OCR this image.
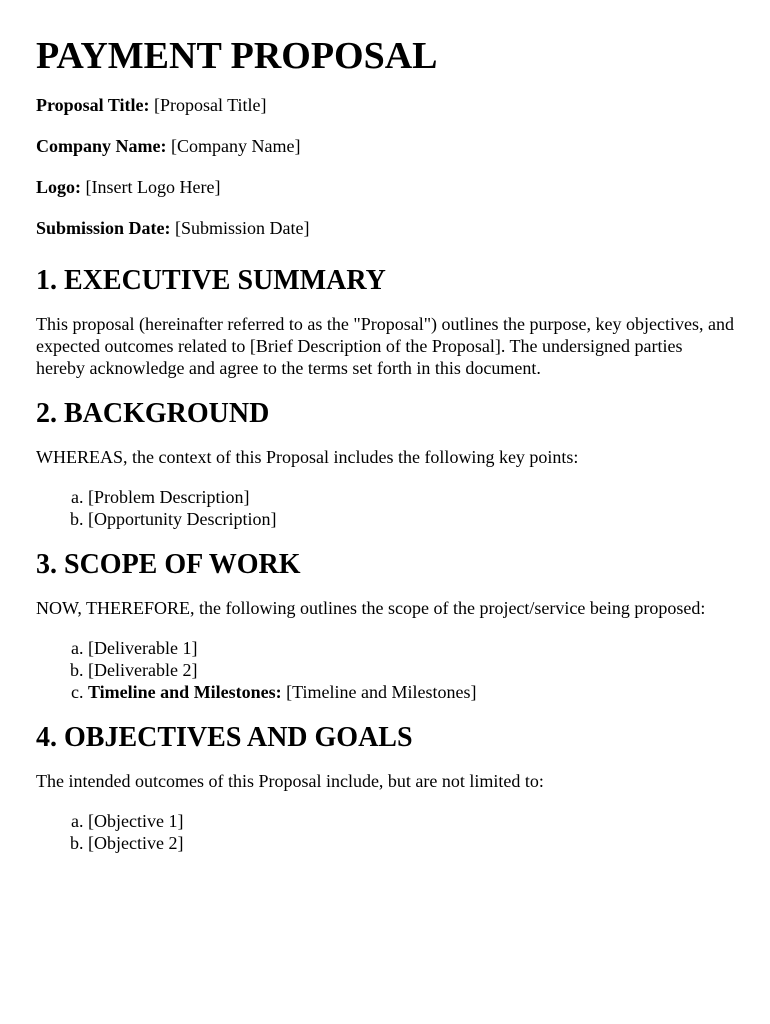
PAYMENT PROPOSAL
Proposal Title: [Proposal Title]
Company Name: [Company Name]
Logo: [Insert Logo Here]
Submission Date: [Submission Date]
1. EXECUTIVE SUMMARY

This proposal (hereinafter referred to as the "Proposal") outlines the purpose, key objectives, and expected outcomes related to [Brief Description of the Proposal]. The undersigned parties hereby acknowledge and agree to the terms set forth in this document.

2. BACKGROUND

WHEREAS, the context of this Proposal includes the following key points:

a. [Problem Description]
b. [Opportunity Description]
3. SCOPE OF WORK

NOW, THEREFORE, the following outlines the scope of the project/service being proposed:

a. [Deliverable 1]
b. [Deliverable 2]
c. Timeline and Milestones: [Timeline and Milestones]
4. OBJECTIVES AND GOALS

The intended outcomes of this Proposal include, but are not limited to:

a. [Objective 1]
b. [Objective 2]
